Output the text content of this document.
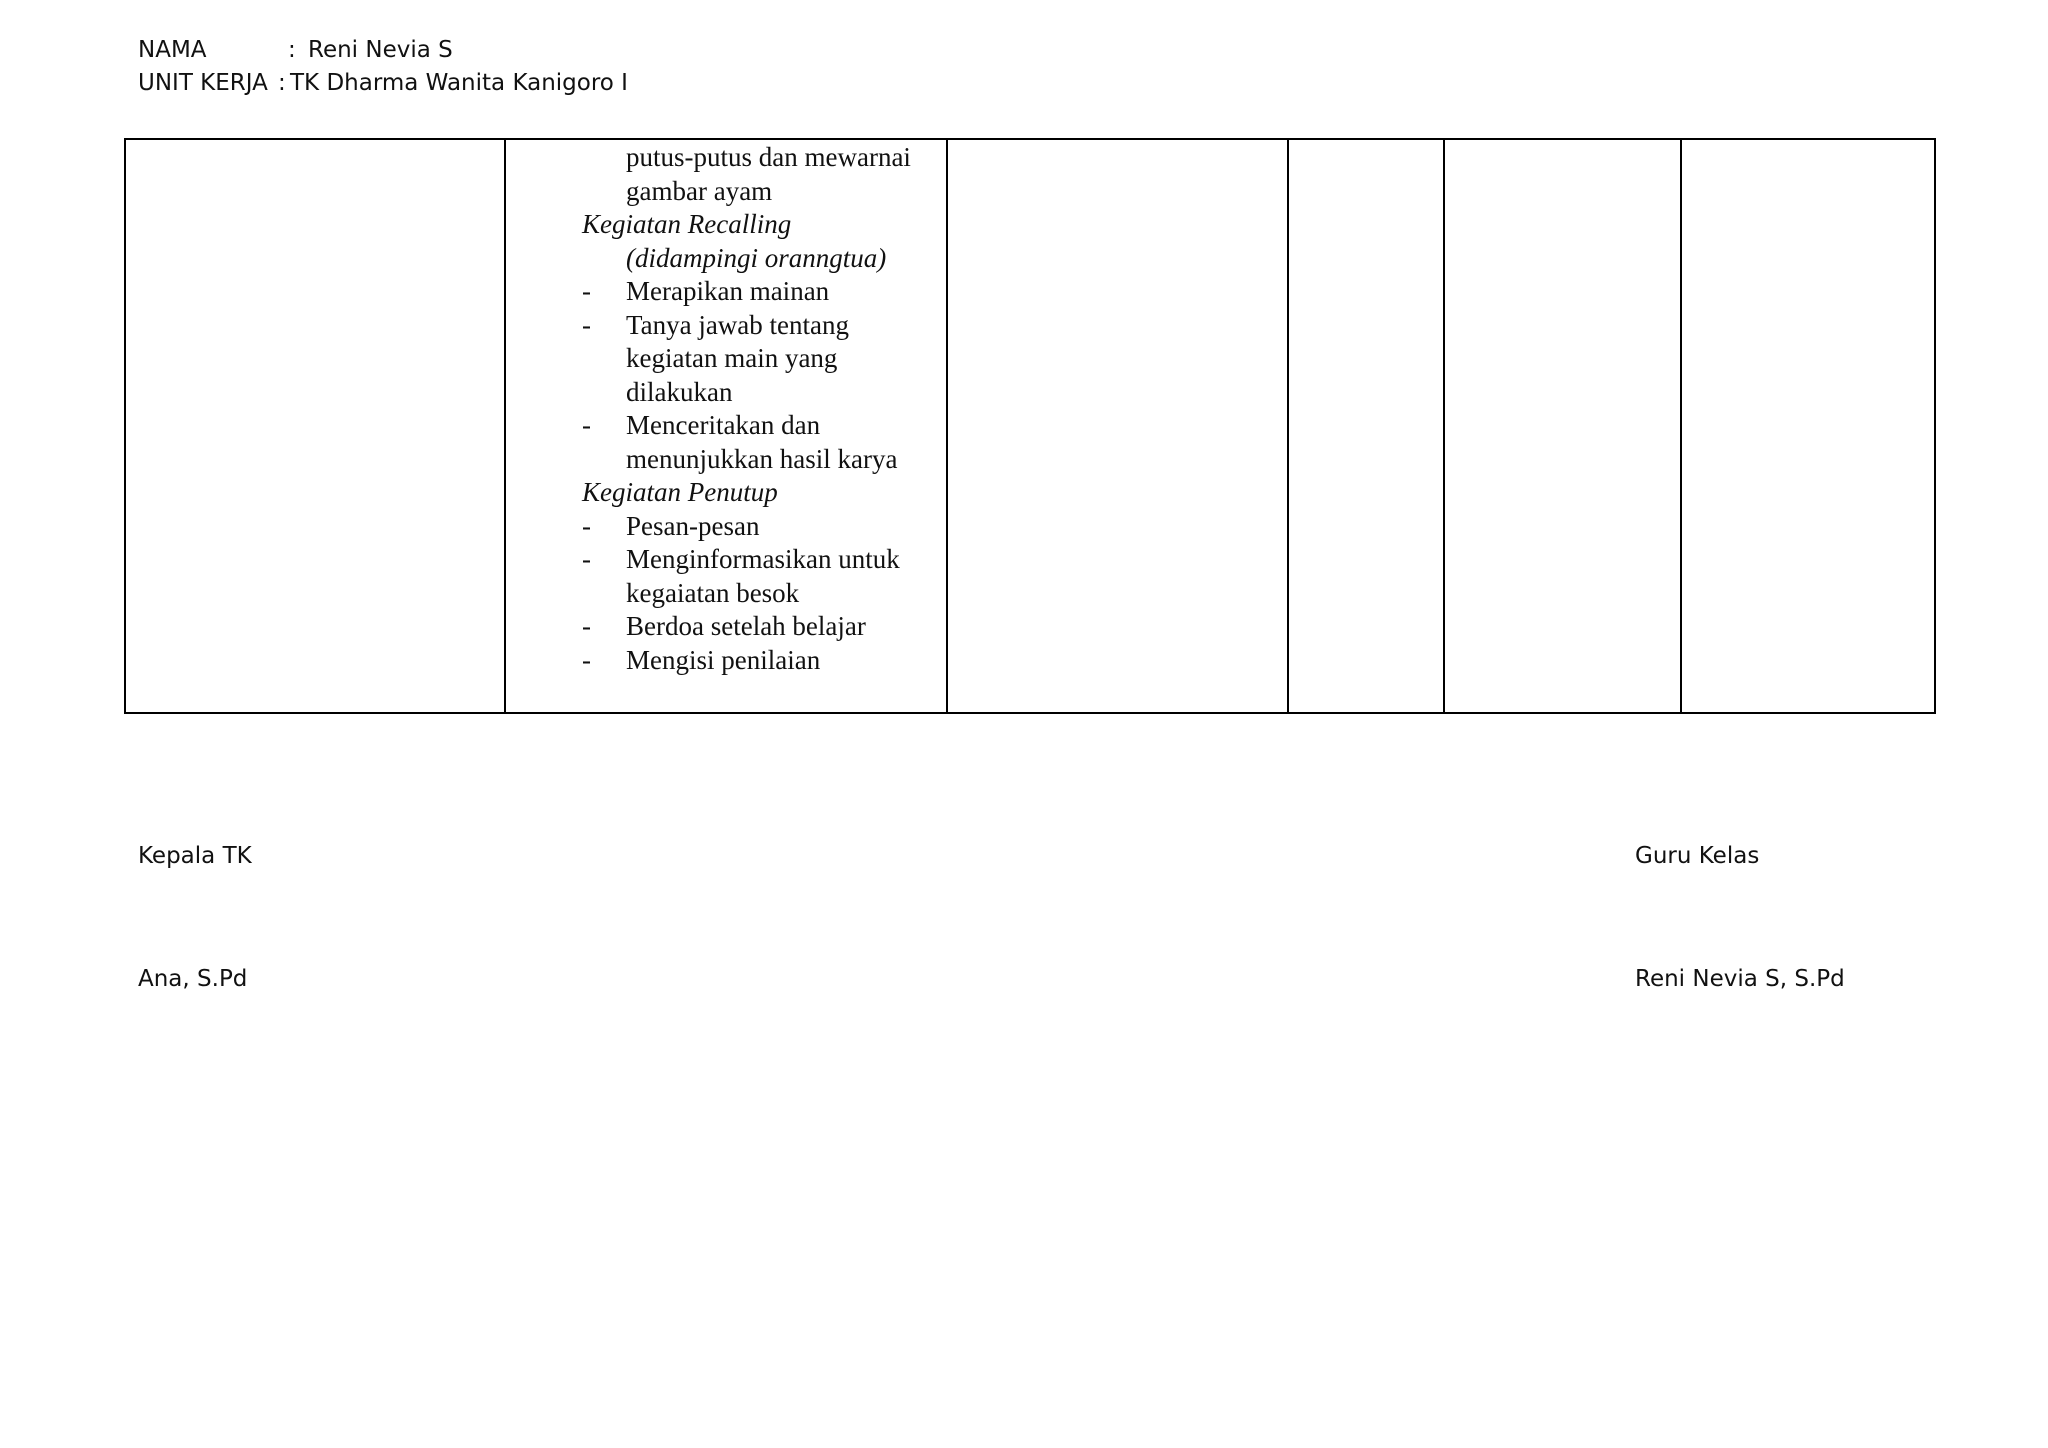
NAMA	: Reni Nevia S
UNIT KERJA : TK Dharma Wanita Kanigoro I

putus-putus dan mewarnai
gambar ayam
Kegiatan Recalling
(didampingi oranngtua)
- Merapikan mainan
- Tanya jawab tentang
kegiatan main yang
dilakukan
- Menceritakan dan
menunjukkan hasil karya
Kegiatan Penutup
- Pesan-pesan
- Menginformasikan untuk
kegaiatan besok
- Berdoa setelah belajar
- Mengisi penilaian

Kepala TK	Guru Kelas
Ana, S.Pd	Reni Nevia S, S.Pd
